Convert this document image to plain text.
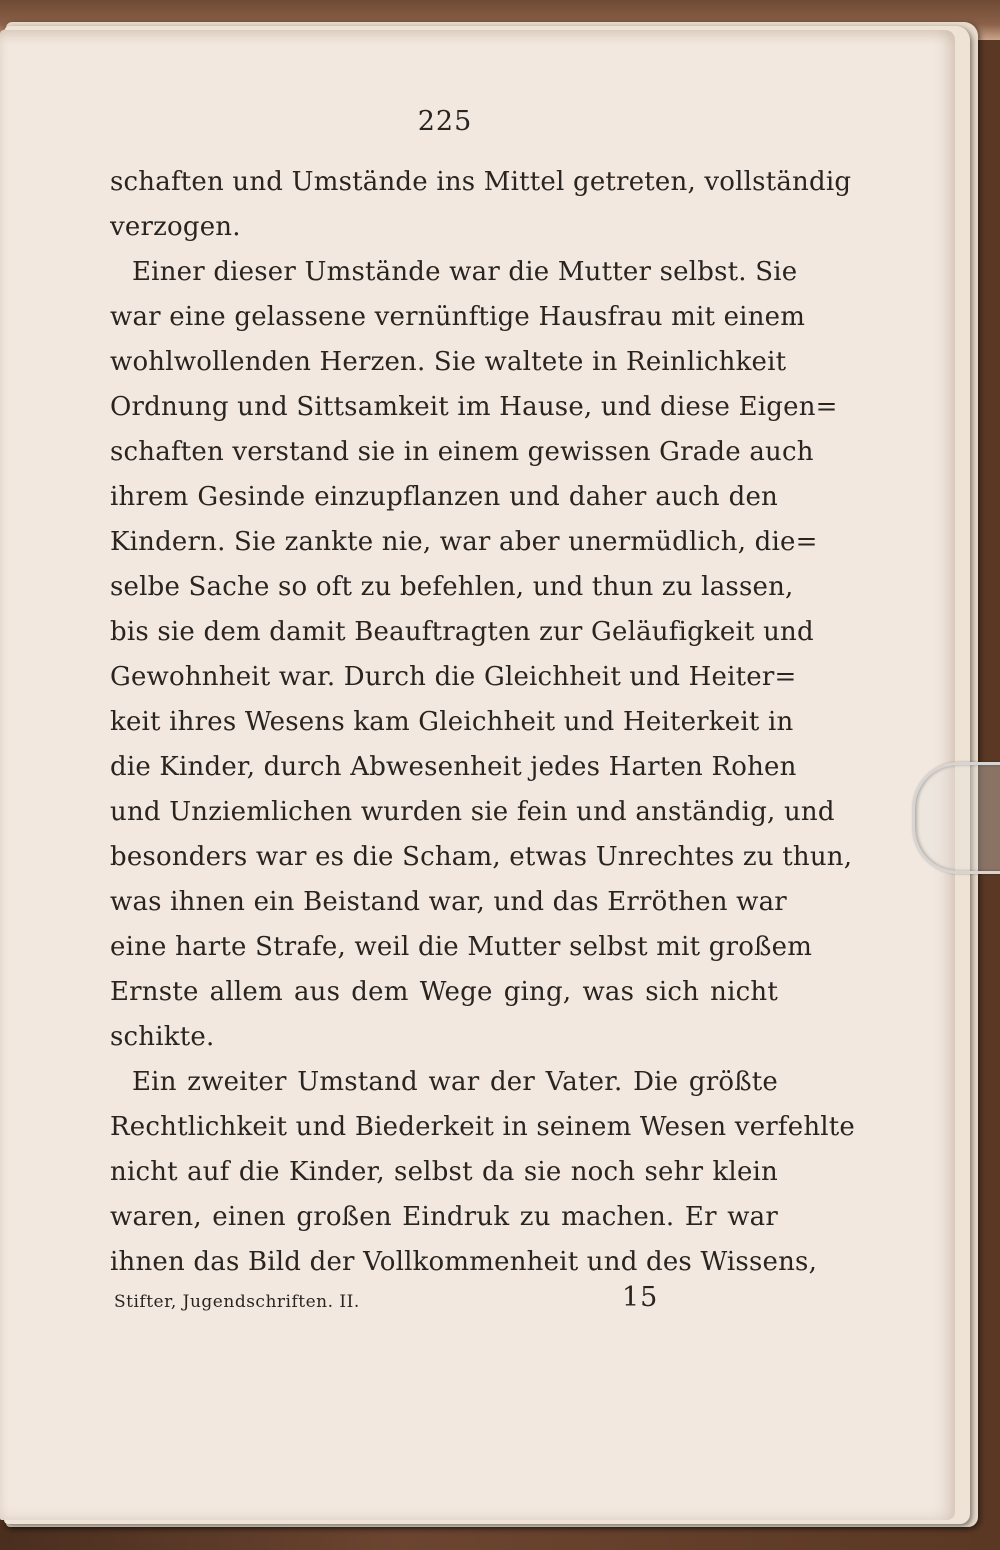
225
schaften und Umstände ins Mittel getreten, vollständig
verzogen.
Einer dieser Umstände war die Mutter selbst. Sie
war eine gelassene vernünftige Hausfrau mit einem
wohlwollenden Herzen. Sie waltete in Reinlichkeit
Ordnung und Sittsamkeit im Hause, und diese Eigen=
schaften verstand sie in einem gewissen Grade auch
ihrem Gesinde einzupflanzen und daher auch den
Kindern. Sie zankte nie, war aber unermüdlich, die=
selbe Sache so oft zu befehlen, und thun zu lassen,
bis sie dem damit Beauftragten zur Geläufigkeit und
Gewohnheit war. Durch die Gleichheit und Heiter=
keit ihres Wesens kam Gleichheit und Heiterkeit in
die Kinder, durch Abwesenheit jedes Harten Rohen
und Unziemlichen wurden sie fein und anständig, und
besonders war es die Scham, etwas Unrechtes zu thun,
was ihnen ein Beistand war, und das Erröthen war
eine harte Strafe, weil die Mutter selbst mit großem
Ernste allem aus dem Wege ging, was sich nicht
schikte.
Ein zweiter Umstand war der Vater. Die größte
Rechtlichkeit und Biederkeit in seinem Wesen verfehlte
nicht auf die Kinder, selbst da sie noch sehr klein
waren, einen großen Eindruk zu machen. Er war
ihnen das Bild der Vollkommenheit und des Wissens,
Stifter, Jugendschriften. II.	15
